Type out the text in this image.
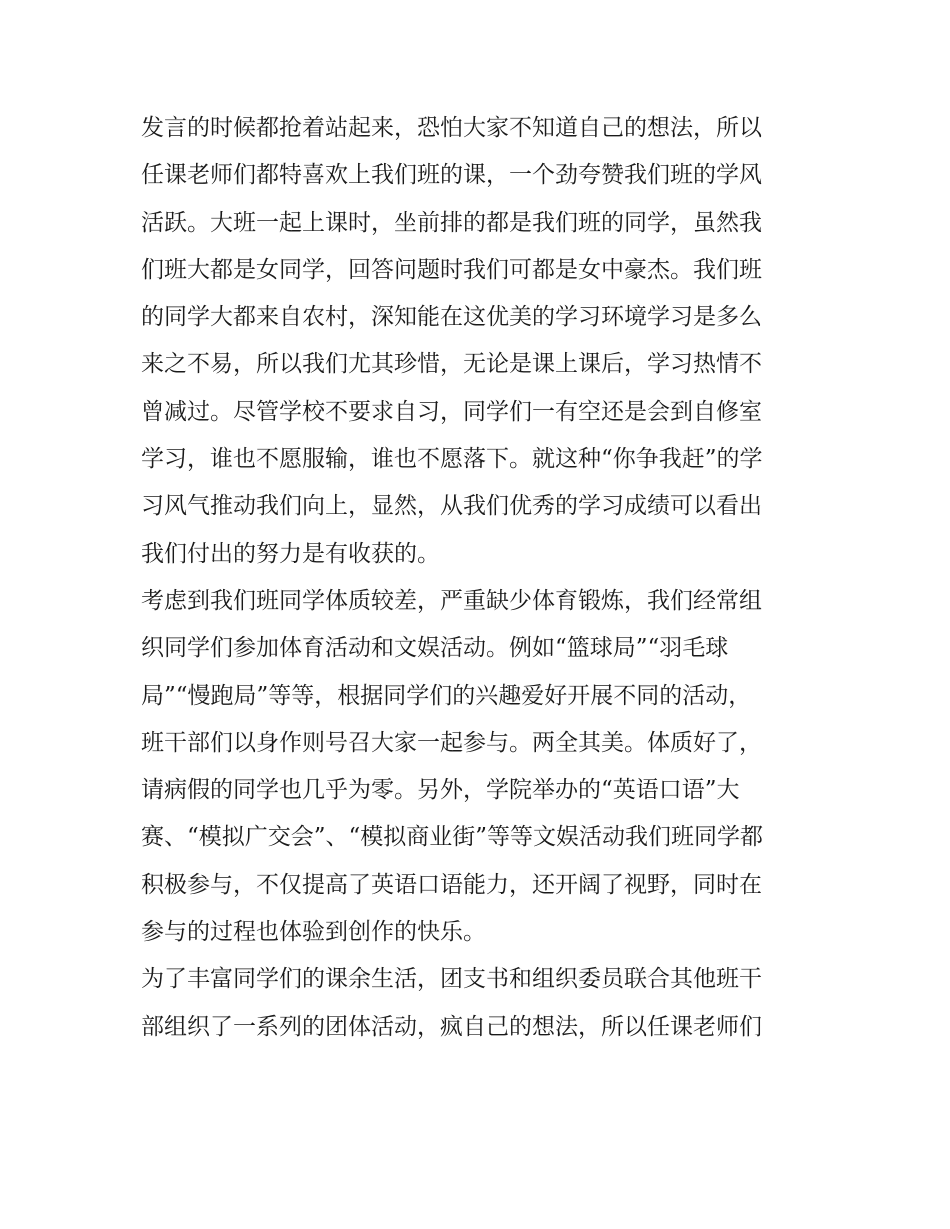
发言的时候都抢着站起来，恐怕大家不知道自己的想法，所以
任课老师们都特喜欢上我们班的课，一个劲夸赞我们班的学风
活跃。大班一起上课时，坐前排的都是我们班的同学，虽然我
们班大都是女同学，回答问题时我们可都是女中豪杰。我们班
的同学大都来自农村，深知能在这优美的学习环境学习是多么
来之不易，所以我们尤其珍惜，无论是课上课后，学习热情不
曾减过。尽管学校不要求自习，同学们一有空还是会到自修室
学习，谁也不愿服输，谁也不愿落下。就这种“你争我赶”的学
习风气推动我们向上，显然，从我们优秀的学习成绩可以看出
我们付出的努力是有收获的。
考虑到我们班同学体质较差，严重缺少体育锻炼，我们经常组
织同学们参加体育活动和文娱活动。例如“篮球局”“羽毛球
局”“慢跑局”等等，根据同学们的兴趣爱好开展不同的活动，
班干部们以身作则号召大家一起参与。两全其美。体质好了，
请病假的同学也几乎为零。另外，学院举办的“英语口语”大
赛、“模拟广交会”、“模拟商业街”等等文娱活动我们班同学都
积极参与，不仅提高了英语口语能力，还开阔了视野，同时在
参与的过程也体验到创作的快乐。
为了丰富同学们的课余生活，团支书和组织委员联合其他班干
部组织了一系列的团体活动，疯自己的想法，所以任课老师们
